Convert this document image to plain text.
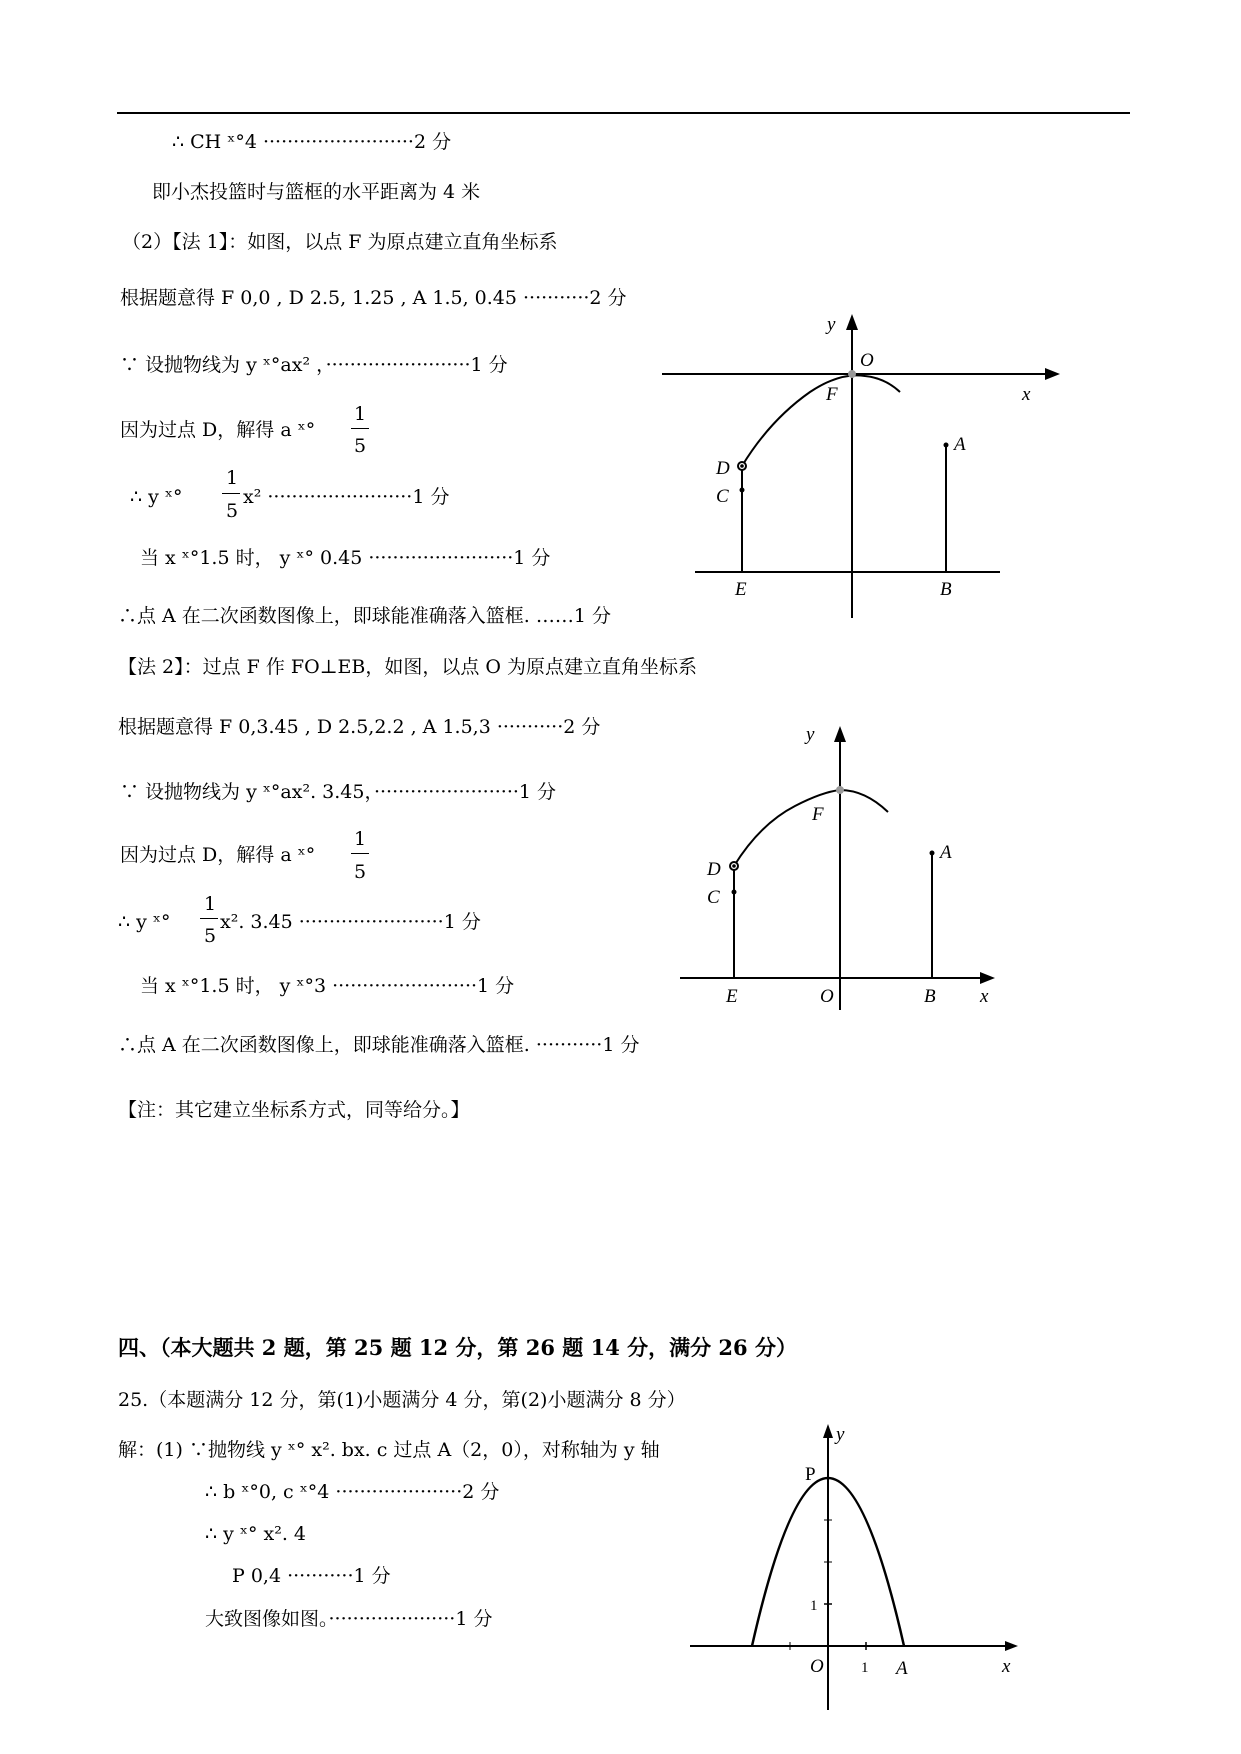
∴ CH ˣ°4 ·························2 分
即小杰投篮时与篮框的水平距离为 4 米
（2）【法 1】：如图，以点 F 为原点建立直角坐标系
根据题意得 F 0,0 , D 2.5, 1.25 , A 1.5, 0.45 ···········2 分
∵ 设抛物线为 y ˣ°ax² ，························1 分
因为过点 D，解得 a ˣ°
1
5
∴ y ˣ°
1
5
x² ························1 分
当 x ˣ°1.5 时， y ˣ° 0.45 ························1 分
∴点 A 在二次函数图像上，即球能准确落入篮框. ……1 分
【法 2】：过点 F 作 FO⊥EB，如图，以点 O 为原点建立直角坐标系
根据题意得 F 0,3.45 , D 2.5,2.2 , A 1.5,3 ···········2 分
∵ 设抛物线为 y ˣ°ax². 3.45，························1 分
因为过点 D，解得 a ˣ°
1
5
∴ y ˣ°
1
5
x². 3.45 ························1 分
当 x ˣ°1.5 时， y ˣ°3 ························1 分
∴点 A 在二次函数图像上，即球能准确落入篮框. ···········1 分
【注：其它建立坐标系方式，同等给分。】
四、（本大题共 2 题，第 25 题 12 分，第 26 题 14 分，满分 26 分）
25.（本题满分 12 分，第(1)小题满分 4 分，第(2)小题满分 8 分）
解：(1) ∵抛物线 y ˣ° x². bx. c 过点 A（2，0），对称轴为 y 轴
∴ b ˣ°0, c ˣ°4 ·····················2 分
∴ y ˣ° x². 4
P 0,4 ···········1 分
大致图像如图。·····················1 分
y
O
F	x
D
C
A
E	B
y
F
D
C
A
E	O	B x
y
P
1
O 1 A	x
